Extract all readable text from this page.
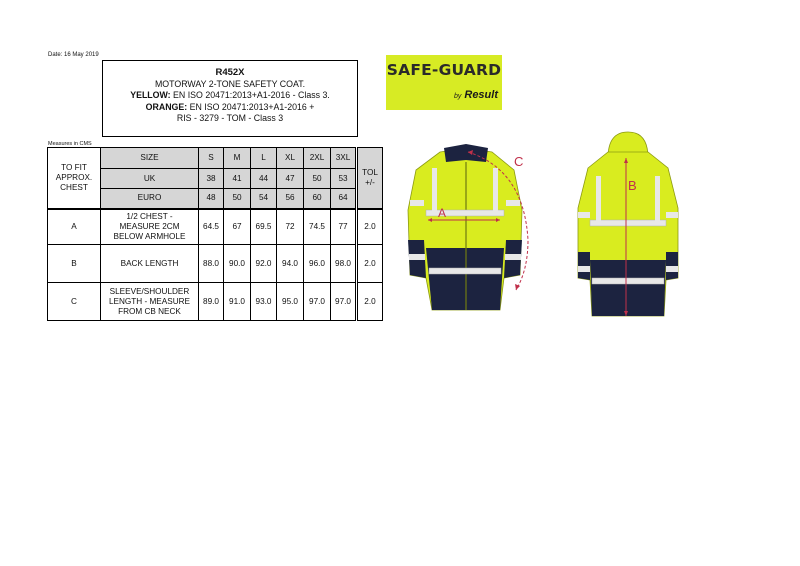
Date: 16 May 2019
R452X
MOTORWAY 2-TONE SAFETY COAT.
YELLOW: EN ISO 20471:2013+A1-2016 - Class 3.
ORANGE: EN ISO 20471:2013+A1-2016 +
RIS - 3279 - TOM - Class 3
Measures in CMS
TO FIT APPROX. CHEST	SIZE	S	M	L	XL	2XL	3XL		TOL +/-
	UK	38	41	44	47	50	53		
	EURO	48	50	54	56	60	64		
A	1/2 CHEST - MEASURE 2CM BELOW ARMHOLE	64.5	67	69.5	72	74.5	77		2.0
B	BACK LENGTH	88.0	90.0	92.0	94.0	96.0	98.0		2.0
C	SLEEVE/SHOULDER LENGTH - MEASURE FROM CB NECK	89.0	91.0	93.0	95.0	97.0	97.0		2.0
SAFE-GUARD
by Result
A
C
B
